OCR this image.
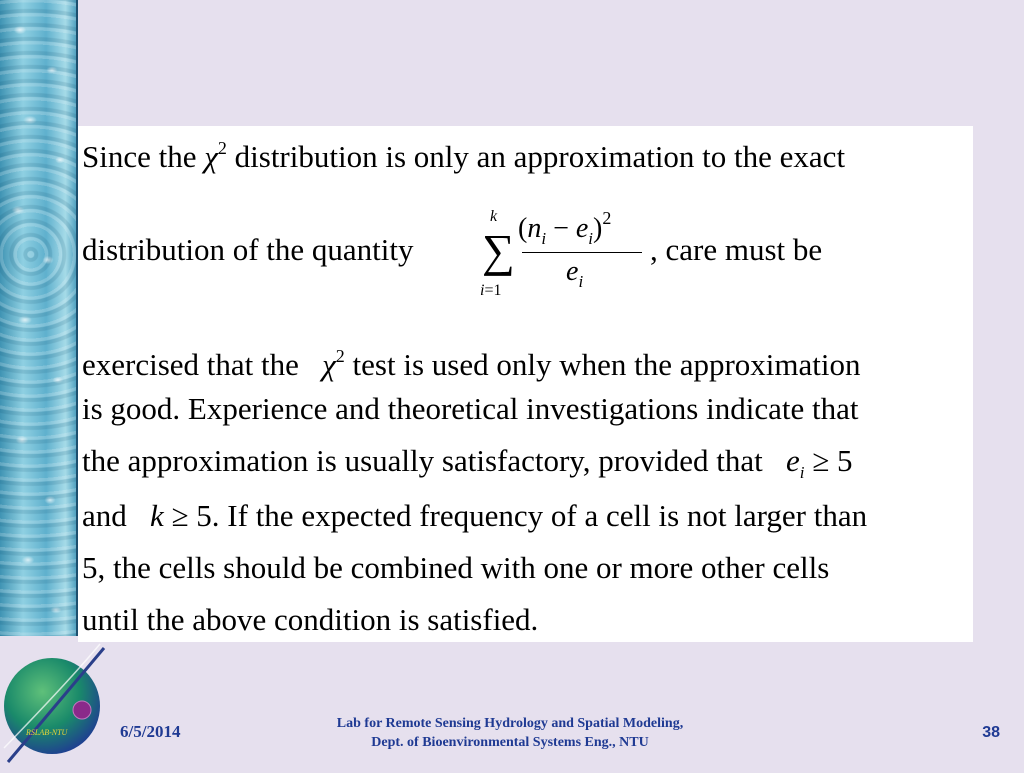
Since the $\chi^2$ distribution is only an approximation to the exact
distribution of the quantity
k
∑
i=1
$(n_i - e_i)^2$
$e_i$
, care must be
exercised that the $\chi^2$ test is used only when the approximation
is good. Experience and theoretical investigations indicate that
the approximation is usually satisfactory, provided that $e_i \ge 5$
and k ≥ 5. If the expected frequency of a cell is not larger than
5, the cells should be combined with one or more other cells
until the above condition is satisfied.
RSLAB-NTU	6/5/2014	Lab for Remote Sensing Hydrology and Spatial Modeling,
Dept. of Bioenvironmental Systems Eng., NTU
38
